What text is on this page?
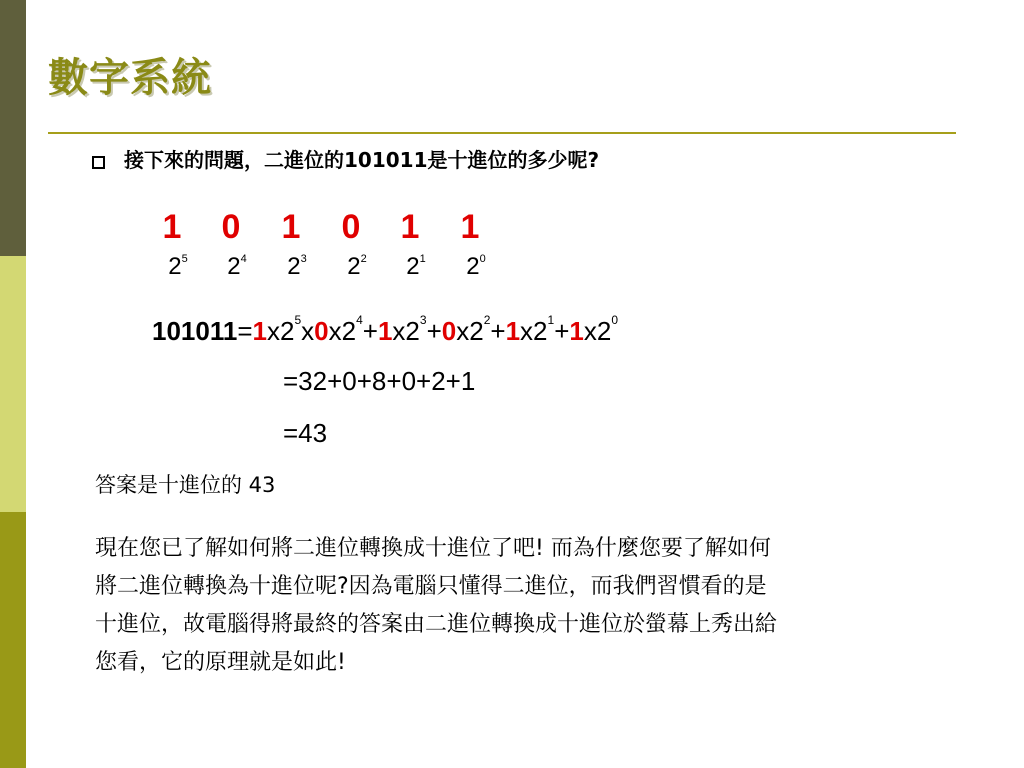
數字系統
接下來的問題，二進位的101011是十進位的多少呢?
1	0	1	0	1	1
$2^5$	$2^4$	$2^3$	$2^2$	$2^1$	$2^0$
$101011=1x2^5x0x2^4+1x2^3+0x2^2+1x2^1+1x2^0$
=32+0+8+0+2+1
=43
答案是十進位的 43
現在您已了解如何將二進位轉換成十進位了吧! 而為什麼您要了解如何
將二進位轉換為十進位呢?因為電腦只懂得二進位，而我們習慣看的是
十進位，故電腦得將最終的答案由二進位轉換成十進位於螢幕上秀出給
您看，它的原理就是如此!
